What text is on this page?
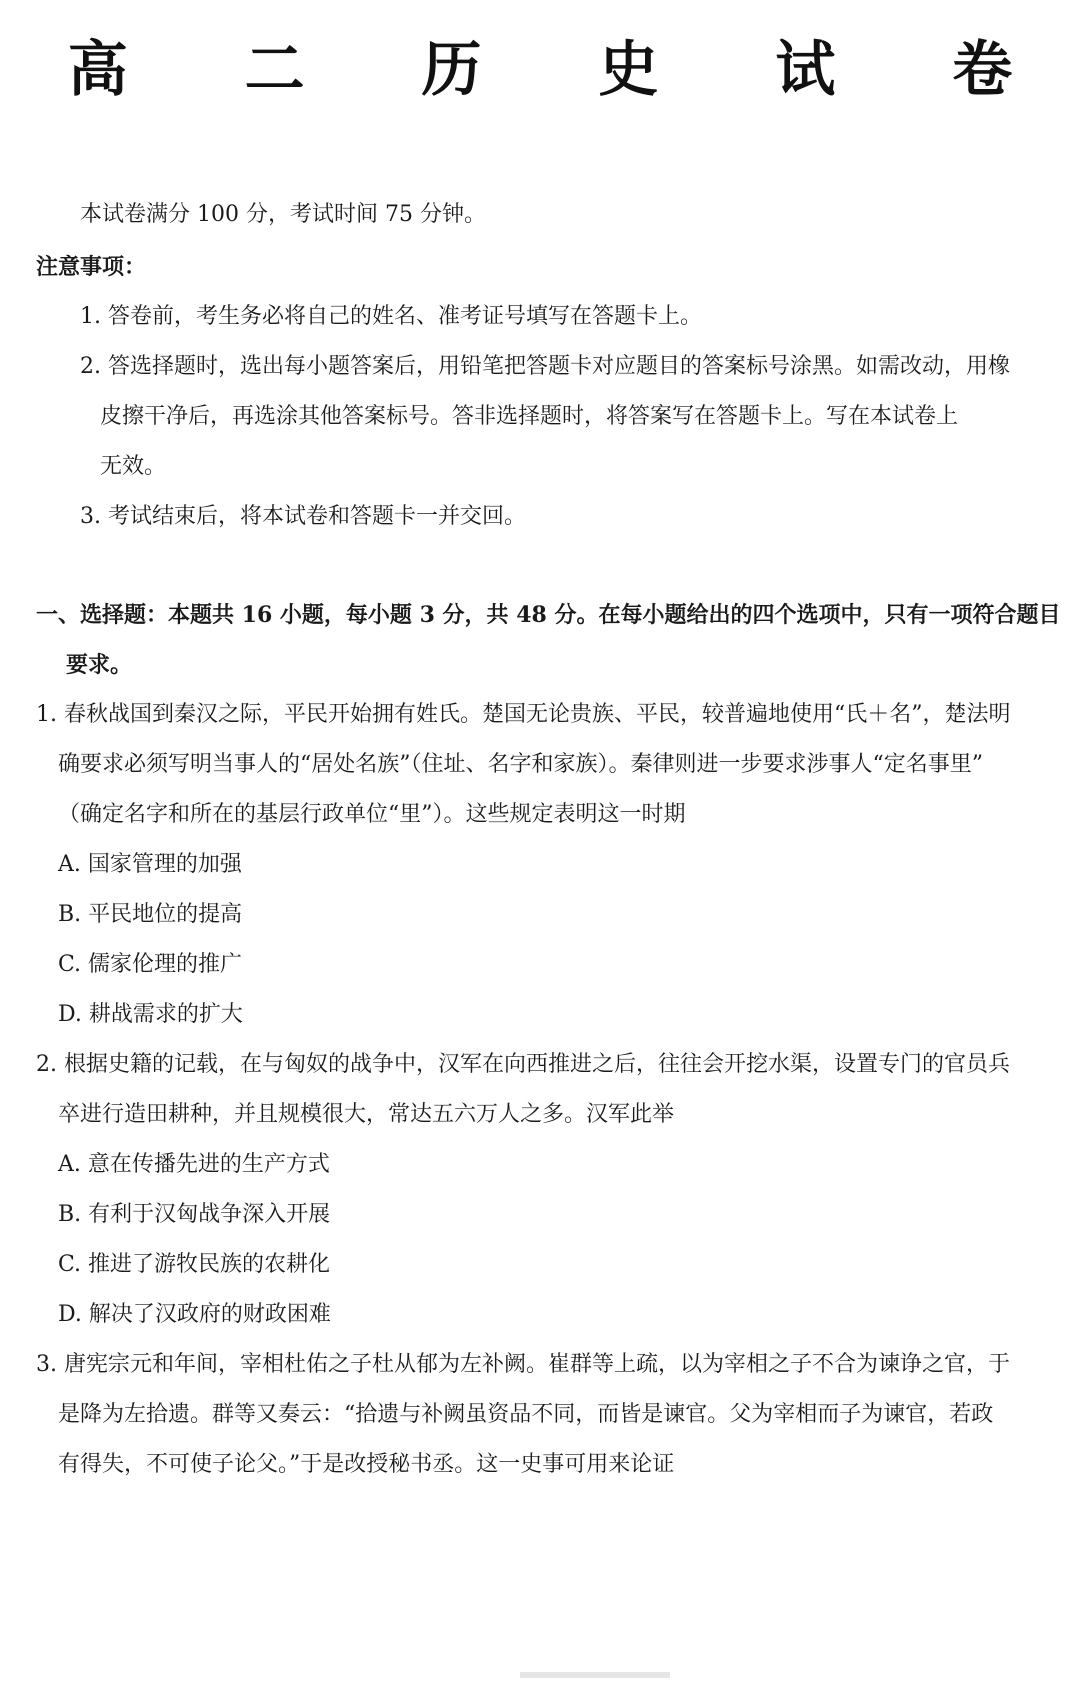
高 二 历 史 试 卷
本试卷满分 100 分，考试时间 75 分钟。
注意事项：
1. 答卷前，考生务必将自己的姓名、准考证号填写在答题卡上。
2. 答选择题时，选出每小题答案后，用铅笔把答题卡对应题目的答案标号涂黑。如需改动，用橡
皮擦干净后，再选涂其他答案标号。答非选择题时，将答案写在答题卡上。写在本试卷上
无效。
3. 考试结束后，将本试卷和答题卡一并交回。
一、选择题：本题共 16 小题，每小题 3 分，共 48 分。在每小题给出的四个选项中，只有一项符合题目
要求。
1. 春秋战国到秦汉之际，平民开始拥有姓氏。楚国无论贵族、平民，较普遍地使用“氏＋名”，楚法明
确要求必须写明当事人的“居处名族”（住址、名字和家族）。秦律则进一步要求涉事人“定名事里”
（确定名字和所在的基层行政单位“里”）。这些规定表明这一时期
A. 国家管理的加强
B. 平民地位的提高
C. 儒家伦理的推广
D. 耕战需求的扩大
2. 根据史籍的记载，在与匈奴的战争中，汉军在向西推进之后，往往会开挖水渠，设置专门的官员兵
卒进行造田耕种，并且规模很大，常达五六万人之多。汉军此举
A. 意在传播先进的生产方式
B. 有利于汉匈战争深入开展
C. 推进了游牧民族的农耕化
D. 解决了汉政府的财政困难
3. 唐宪宗元和年间，宰相杜佑之子杜从郁为左补阙。崔群等上疏，以为宰相之子不合为谏诤之官，于
是降为左拾遗。群等又奏云：“拾遗与补阙虽资品不同，而皆是谏官。父为宰相而子为谏官，若政
有得失，不可使子论父。”于是改授秘书丞。这一史事可用来论证
